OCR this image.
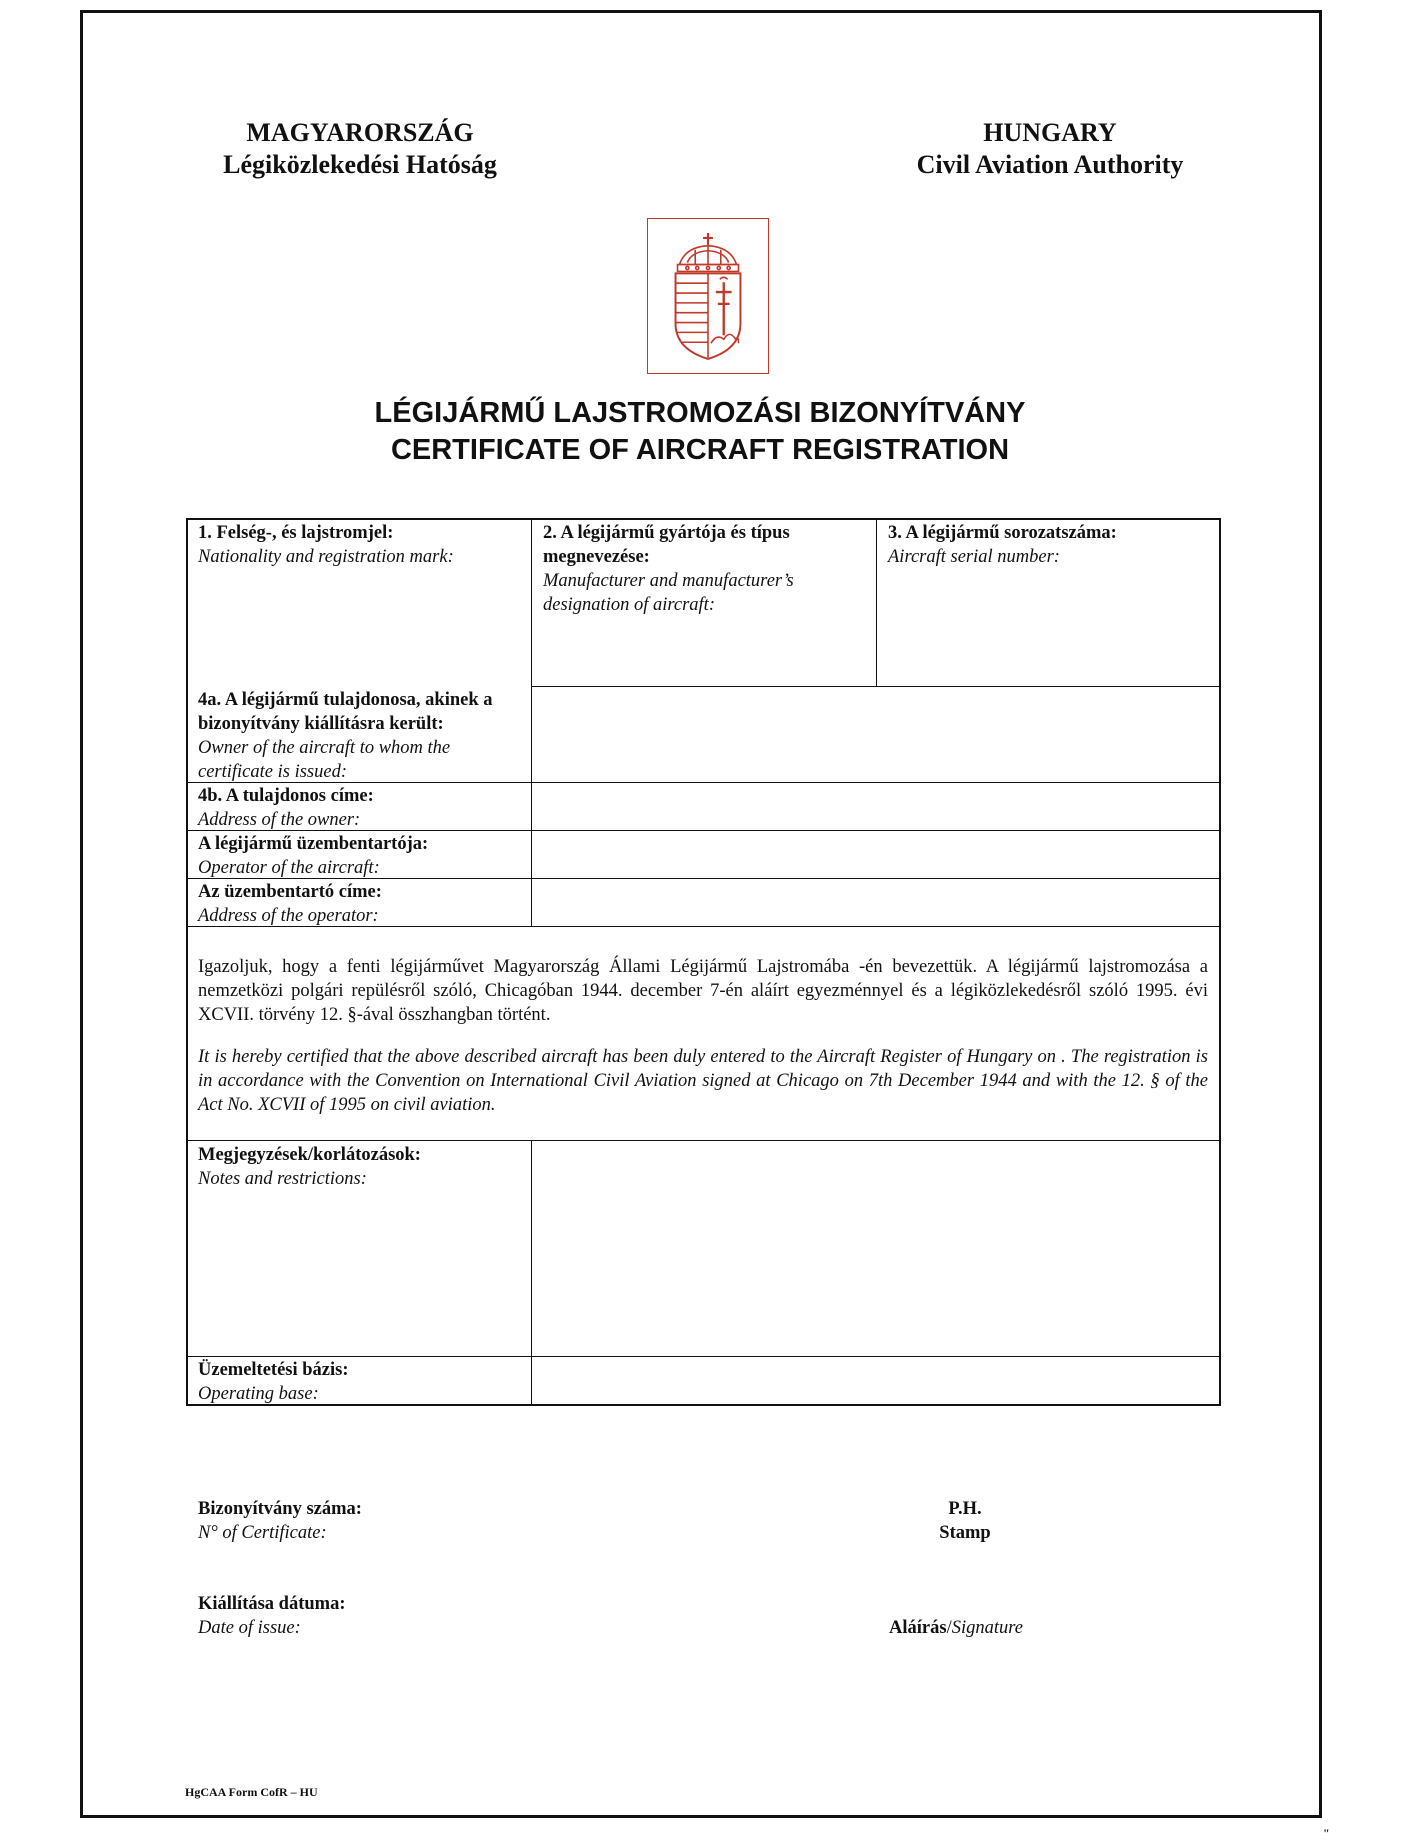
MAGYARORSZÁG
Légiközlekedési Hatóság
HUNGARY
Civil Aviation Authority
LÉGIJÁRMŰ LAJSTROMOZÁSI BIZONYÍTVÁNY
CERTIFICATE OF AIRCRAFT REGISTRATION
1. Felség-, és lajstromjel:
Nationality and registration mark:
2. A légijármű gyártója és típus megnevezése:
Manufacturer and manufacturer’s designation of aircraft:
3. A légijármű sorozatszáma:
Aircraft serial number:
4a. A légijármű tulajdonosa, akinek a bizonyítvány kiállításra került:
Owner of the aircraft to whom the certificate is issued:
4b. A tulajdonos címe:
Address of the owner:
A légijármű üzembentartója:
Operator of the aircraft:
Az üzembentartó címe:
Address of the operator:
Igazoljuk, hogy a fenti légijárművet Magyarország Állami Légijármű Lajstromába -én bevezettük. A légijármű lajstromozása a nemzetközi polgári repülésről szóló, Chicagóban 1944. december 7-én aláírt egyezménnyel és a légiközlekedésről szóló 1995. évi XCVII. törvény 12. §-ával összhangban történt.
It is hereby certified that the above described aircraft has been duly entered to the Aircraft Register of Hungary on . The registration is in accordance with the Convention on International Civil Aviation signed at Chicago on 7th December 1944 and with the 12. § of the Act No. XCVII of 1995 on civil aviation.
Megjegyzések/korlátozások:
Notes and restrictions:
Üzemeltetési bázis:
Operating base:
Bizonyítvány száma:
N° of Certificate:
Kiállítása dátuma:
Date of issue:
P.H.
Stamp
Aláírás/Signature
HgCAA Form CofR – HU
"
